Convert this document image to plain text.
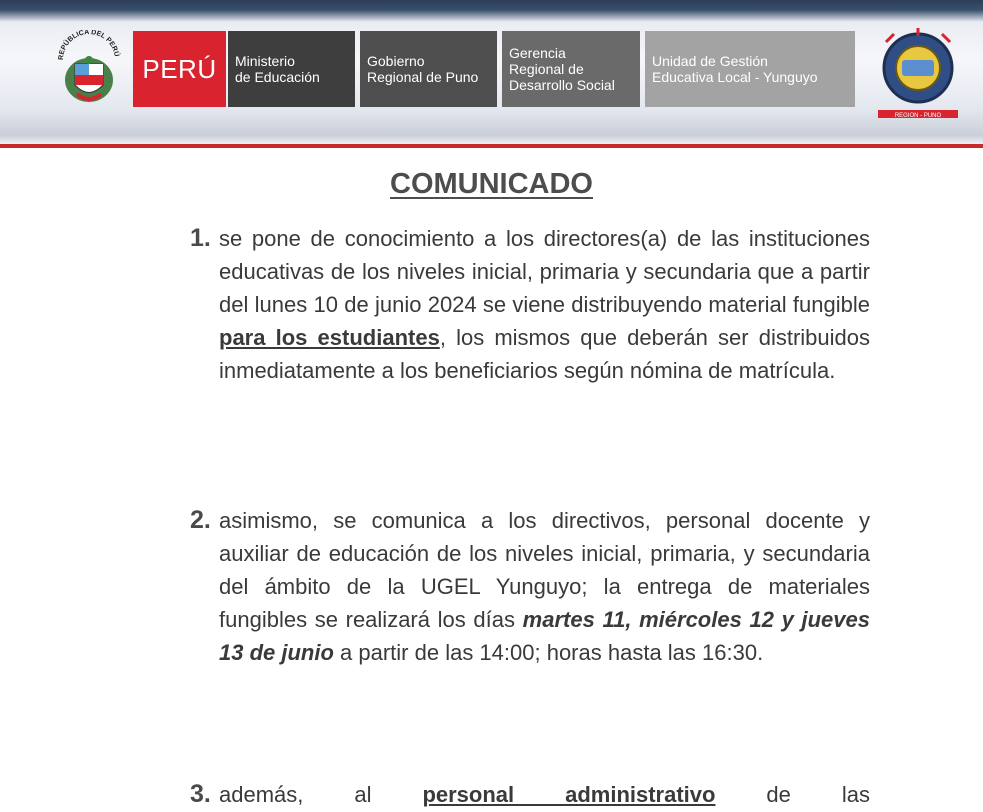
REPÚBLICA DEL PERÚ PERÚ	Ministerio
de Educación
Gobierno
Regional de Puno
Gerencia
Regional de
Desarrollo Social
Unidad de Gestión
Educativa Local - Yunguyo
REGION - PUNO
COMUNICADO
1. se pone de conocimiento a los directores(a) de las instituciones educativas de los niveles inicial, primaria y secundaria que a partir del lunes 10 de junio 2024 se viene distribuyendo material fungible para los estudiantes, los mismos que deberán ser distribuidos inmediatamente a los beneficiarios según nómina de matrícula.
2. asimismo, se comunica a los directivos, personal docente y auxiliar de educación de los niveles inicial, primaria, y secundaria del ámbito de la UGEL Yunguyo; la entrega de materiales fungibles se realizará los días martes 11, miércoles 12 y jueves 13 de junio a partir de las 14:00; horas hasta las 16:30.
3. además, al personal administrativo de las
